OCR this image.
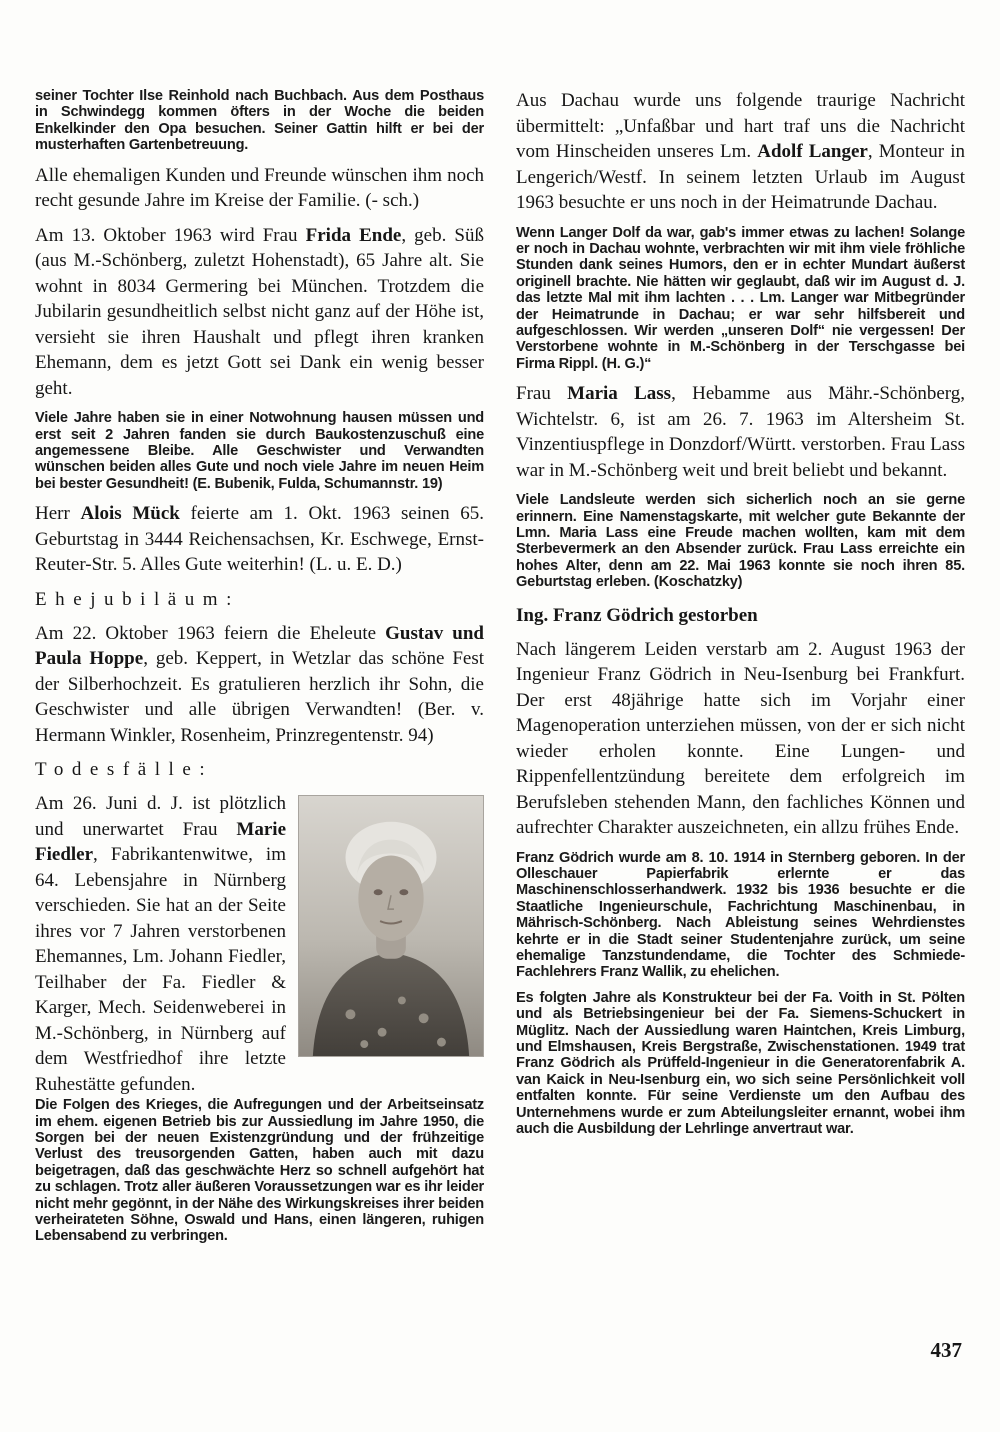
seiner Tochter Ilse Reinhold nach Buchbach. Aus dem Posthaus in Schwindegg kommen öfters in der Woche die beiden Enkelkinder den Opa besuchen. Seiner Gattin hilft er bei der musterhaften Gartenbetreuung.

Alle ehemaligen Kunden und Freunde wünschen ihm noch recht gesunde Jahre im Kreise der Familie. (- sch.)

Am 13. Oktober 1963 wird Frau Frida Ende, geb. Süß (aus M.-Schönberg, zuletzt Hohenstadt), 65 Jahre alt. Sie wohnt in 8034 Germering bei München. Trotzdem die Jubilarin gesundheitlich selbst nicht ganz auf der Höhe ist, versieht sie ihren Haushalt und pflegt ihren kranken Ehemann, dem es jetzt Gott sei Dank ein wenig besser geht.

Viele Jahre haben sie in einer Notwohnung hausen müssen und erst seit 2 Jahren fanden sie durch Baukostenzuschuß eine angemessene Bleibe. Alle Geschwister und Verwandten wünschen beiden alles Gute und noch viele Jahre im neuen Heim bei bester Gesundheit! (E. Bubenik, Fulda, Schumannstr. 19)

Herr Alois Mück feierte am 1. Okt. 1963 seinen 65. Geburtstag in 3444 Reichensachsen, Kr. Eschwege, Ernst-Reuter-Str. 5. Alles Gute weiterhin! (L. u. E. D.)

Ehejubiläum:

Am 22. Oktober 1963 feiern die Eheleute Gustav und Paula Hoppe, geb. Keppert, in Wetzlar das schöne Fest der Silberhochzeit. Es gratulieren herzlich ihr Sohn, die Geschwister und alle übrigen Verwandten! (Ber. v. Hermann Winkler, Rosenheim, Prinzregentenstr. 94)

Todesfälle:

Am 26. Juni d. J. ist plötzlich und unerwartet Frau Marie Fiedler, Fabrikantenwitwe, im 64. Lebensjahre in Nürnberg verschieden. Sie hat an der Seite ihres vor 7 Jahren verstorbenen Ehemannes, Lm. Johann Fiedler, Teilhaber der Fa. Fiedler & Karger, Mech. Seidenweberei in M.-Schönberg, in Nürnberg auf dem Westfriedhof ihre letzte Ruhestätte gefunden.

Die Folgen des Krieges, die Aufregungen und der Arbeitseinsatz im ehem. eigenen Betrieb bis zur Aussiedlung im Jahre 1950, die Sorgen bei der neuen Existenzgründung und der frühzeitige Verlust des treusorgenden Gatten, haben auch mit dazu beigetragen, daß das geschwächte Herz so schnell aufgehört hat zu schlagen. Trotz aller äußeren Voraussetzungen war es ihr leider nicht mehr gegönnt, in der Nähe des Wirkungskreises ihrer beiden verheirateten Söhne, Oswald und Hans, einen längeren, ruhigen Lebensabend zu verbringen.

Aus Dachau wurde uns folgende traurige Nachricht übermittelt: „Unfaßbar und hart traf uns die Nachricht vom Hinscheiden unseres Lm. Adolf Langer, Monteur in Lengerich/Westf. In seinem letzten Urlaub im August 1963 besuchte er uns noch in der Heimatrunde Dachau.

Wenn Langer Dolf da war, gab's immer etwas zu lachen! Solange er noch in Dachau wohnte, verbrachten wir mit ihm viele fröhliche Stunden dank seines Humors, den er in echter Mundart äußerst originell brachte. Nie hätten wir geglaubt, daß wir im August d. J. das letzte Mal mit ihm lachten . . . Lm. Langer war Mitbegründer der Heimatrunde in Dachau; er war sehr hilfsbereit und aufgeschlossen. Wir werden „unseren Dolf“ nie vergessen! Der Verstorbene wohnte in M.-Schönberg in der Terschgasse bei Firma Rippl. (H. G.)“

Frau Maria Lass, Hebamme aus Mähr.-Schönberg, Wichtelstr. 6, ist am 26. 7. 1963 im Altersheim St. Vinzentiuspflege in Donzdorf/Württ. verstorben. Frau Lass war in M.-Schönberg weit und breit beliebt und bekannt.

Viele Landsleute werden sich sicherlich noch an sie gerne erinnern. Eine Namenstagskarte, mit welcher gute Bekannte der Lmn. Maria Lass eine Freude machen wollten, kam mit dem Sterbevermerk an den Absender zurück. Frau Lass erreichte ein hohes Alter, denn am 22. Mai 1963 konnte sie noch ihren 85. Geburtstag erleben. (Koschatzky)

Ing. Franz Gödrich gestorben

Nach längerem Leiden verstarb am 2. August 1963 der Ingenieur Franz Gödrich in Neu-Isenburg bei Frankfurt. Der erst 48jährige hatte sich im Vorjahr einer Magenoperation unterziehen müssen, von der er sich nicht wieder erholen konnte. Eine Lungen- und Rippenfellentzündung bereitete dem erfolgreich im Berufsleben stehenden Mann, den fachliches Können und aufrechter Charakter auszeichneten, ein allzu frühes Ende.

Franz Gödrich wurde am 8. 10. 1914 in Sternberg geboren. In der Olleschauer Papierfabrik erlernte er das Maschinenschlosserhandwerk. 1932 bis 1936 besuchte er die Staatliche Ingenieurschule, Fachrichtung Maschinenbau, in Mährisch-Schönberg. Nach Ableistung seines Wehrdienstes kehrte er in die Stadt seiner Studentenjahre zurück, um seine ehemalige Tanzstundendame, die Tochter des Schmiede-Fachlehrers Franz Wallik, zu ehelichen.

Es folgten Jahre als Konstrukteur bei der Fa. Voith in St. Pölten und als Betriebsingenieur bei der Fa. Siemens-Schuckert in Müglitz. Nach der Aussiedlung waren Haintchen, Kreis Limburg, und Elmshausen, Kreis Bergstraße, Zwischenstationen. 1949 trat Franz Gödrich als Prüffeld-Ingenieur in die Generatorenfabrik A. van Kaick in Neu-Isenburg ein, wo sich seine Persönlichkeit voll entfalten konnte. Für seine Verdienste um den Aufbau des Unternehmens wurde er zum Abteilungsleiter ernannt, wobei ihm auch die Ausbildung der Lehrlinge anvertraut war.

437
